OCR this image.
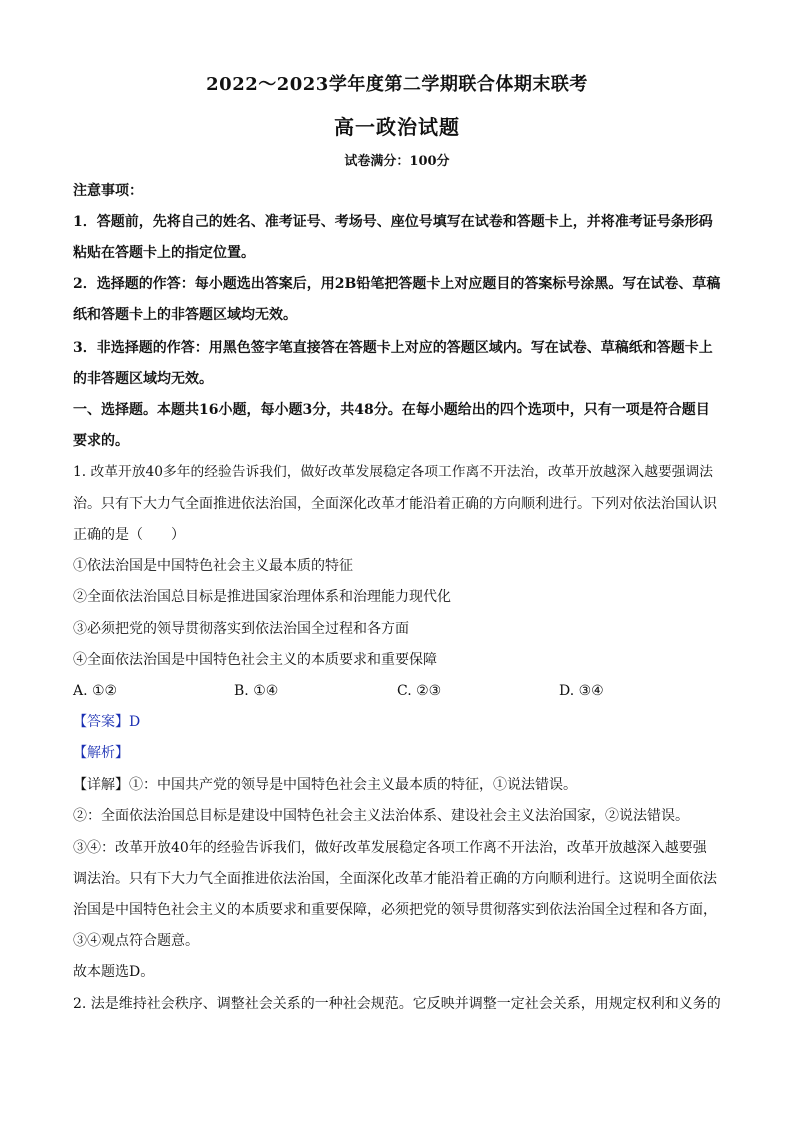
2022～2023学年度第二学期联合体期末联考
高一政治试题
试卷满分：100分
注意事项：
1．答题前，先将自己的姓名、准考证号、考场号、座位号填写在试卷和答题卡上，并将准考证号条形码
粘贴在答题卡上的指定位置。
2．选择题的作答：每小题选出答案后，用2B铅笔把答题卡上对应题目的答案标号涂黑。写在试卷、草稿
纸和答题卡上的非答题区域均无效。
3．非选择题的作答：用黑色签字笔直接答在答题卡上对应的答题区域内。写在试卷、草稿纸和答题卡上
的非答题区域均无效。
一、选择题。本题共16小题，每小题3分，共48分。在每小题给出的四个选项中，只有一项是符合题目
要求的。
1. 改革开放40多年的经验告诉我们，做好改革发展稳定各项工作离不开法治，改革开放越深入越要强调法
治。只有下大力气全面推进依法治国，全面深化改革才能沿着正确的方向顺利进行。下列对依法治国认识
正确的是（　　）
①依法治国是中国特色社会主义最本质的特征
②全面依法治国总目标是推进国家治理体系和治理能力现代化
③必须把党的领导贯彻落实到依法治国全过程和各方面
④全面依法治国是中国特色社会主义的本质要求和重要保障
A. ①②	B. ①④	C. ②③	D. ③④
【答案】D
【解析】
【详解】①：中国共产党的领导是中国特色社会主义最本质的特征，①说法错误。
②：全面依法治国总目标是建设中国特色社会主义法治体系、建设社会主义法治国家，②说法错误。
③④：改革开放40年的经验告诉我们，做好改革发展稳定各项工作离不开法治，改革开放越深入越要强
调法治。只有下大力气全面推进依法治国，全面深化改革才能沿着正确的方向顺利进行。这说明全面依法
治国是中国特色社会主义的本质要求和重要保障，必须把党的领导贯彻落实到依法治国全过程和各方面，
③④观点符合题意。
故本题选D。
2. 法是维持社会秩序、调整社会关系的一种社会规范。它反映并调整一定社会关系，用规定权利和义务的
